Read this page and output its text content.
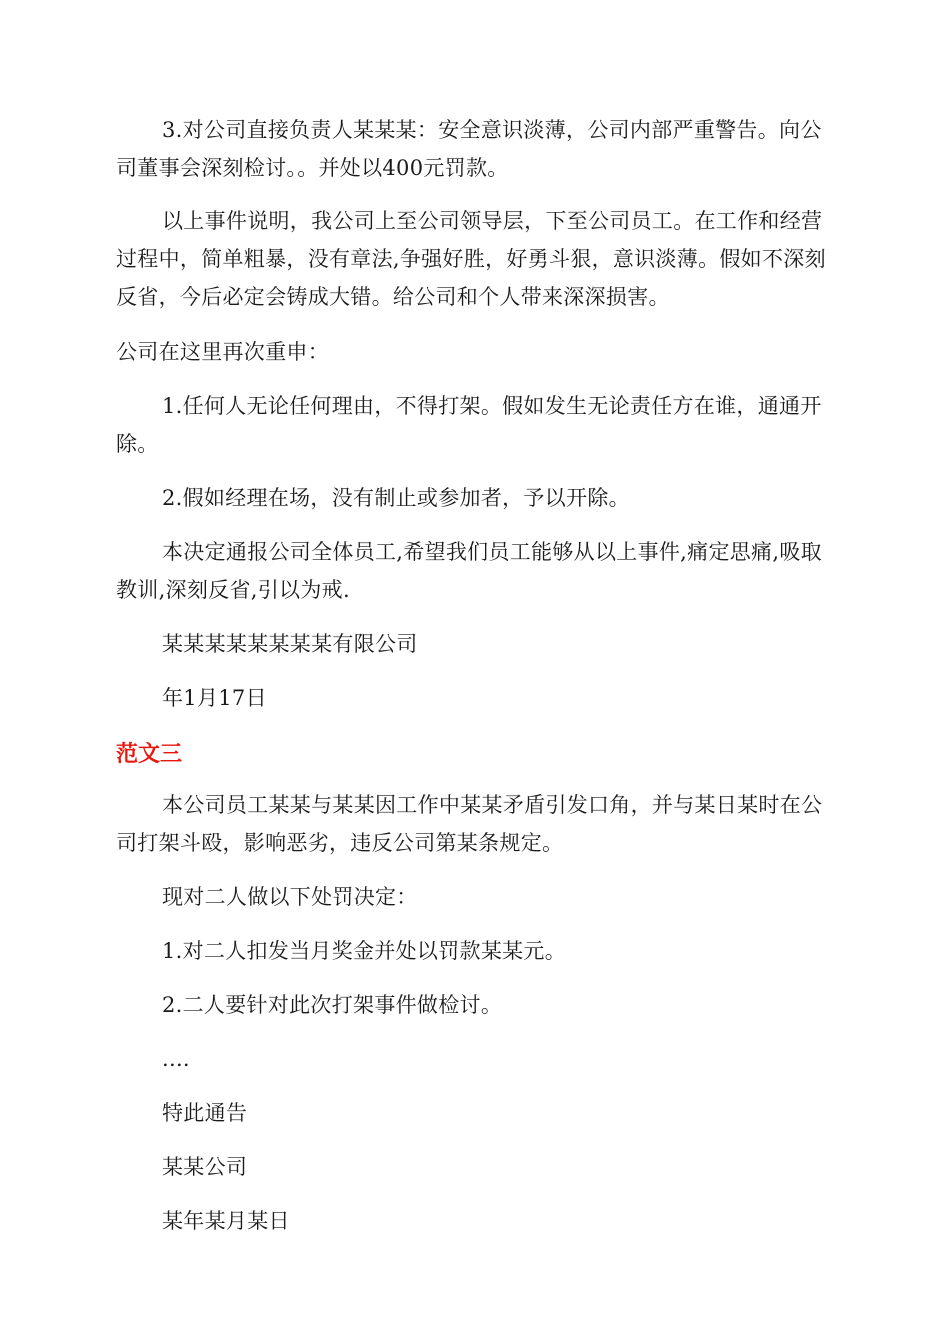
3.对公司直接负责人某某某：安全意识淡薄，公司内部严重警告。向公司董事会深刻检讨。。并处以400元罚款。

以上事件说明，我公司上至公司领导层，下至公司员工。在工作和经营过程中，简单粗暴，没有章法,争强好胜，好勇斗狠，意识淡薄。假如不深刻反省，今后必定会铸成大错。给公司和个人带来深深损害。

公司在这里再次重申：

1.任何人无论任何理由，不得打架。假如发生无论责任方在谁，通通开除。

2.假如经理在场，没有制止或参加者，予以开除。

本决定通报公司全体员工,希望我们员工能够从以上事件,痛定思痛,吸取教训,深刻反省,引以为戒.

某某某某某某某某有限公司

年1月17日

范文三

本公司员工某某与某某因工作中某某矛盾引发口角，并与某日某时在公司打架斗殴，影响恶劣，违反公司第某条规定。

现对二人做以下处罚决定：

1.对二人扣发当月奖金并处以罚款某某元。

2.二人要针对此次打架事件做检讨。

....

特此通告

某某公司

某年某月某日
